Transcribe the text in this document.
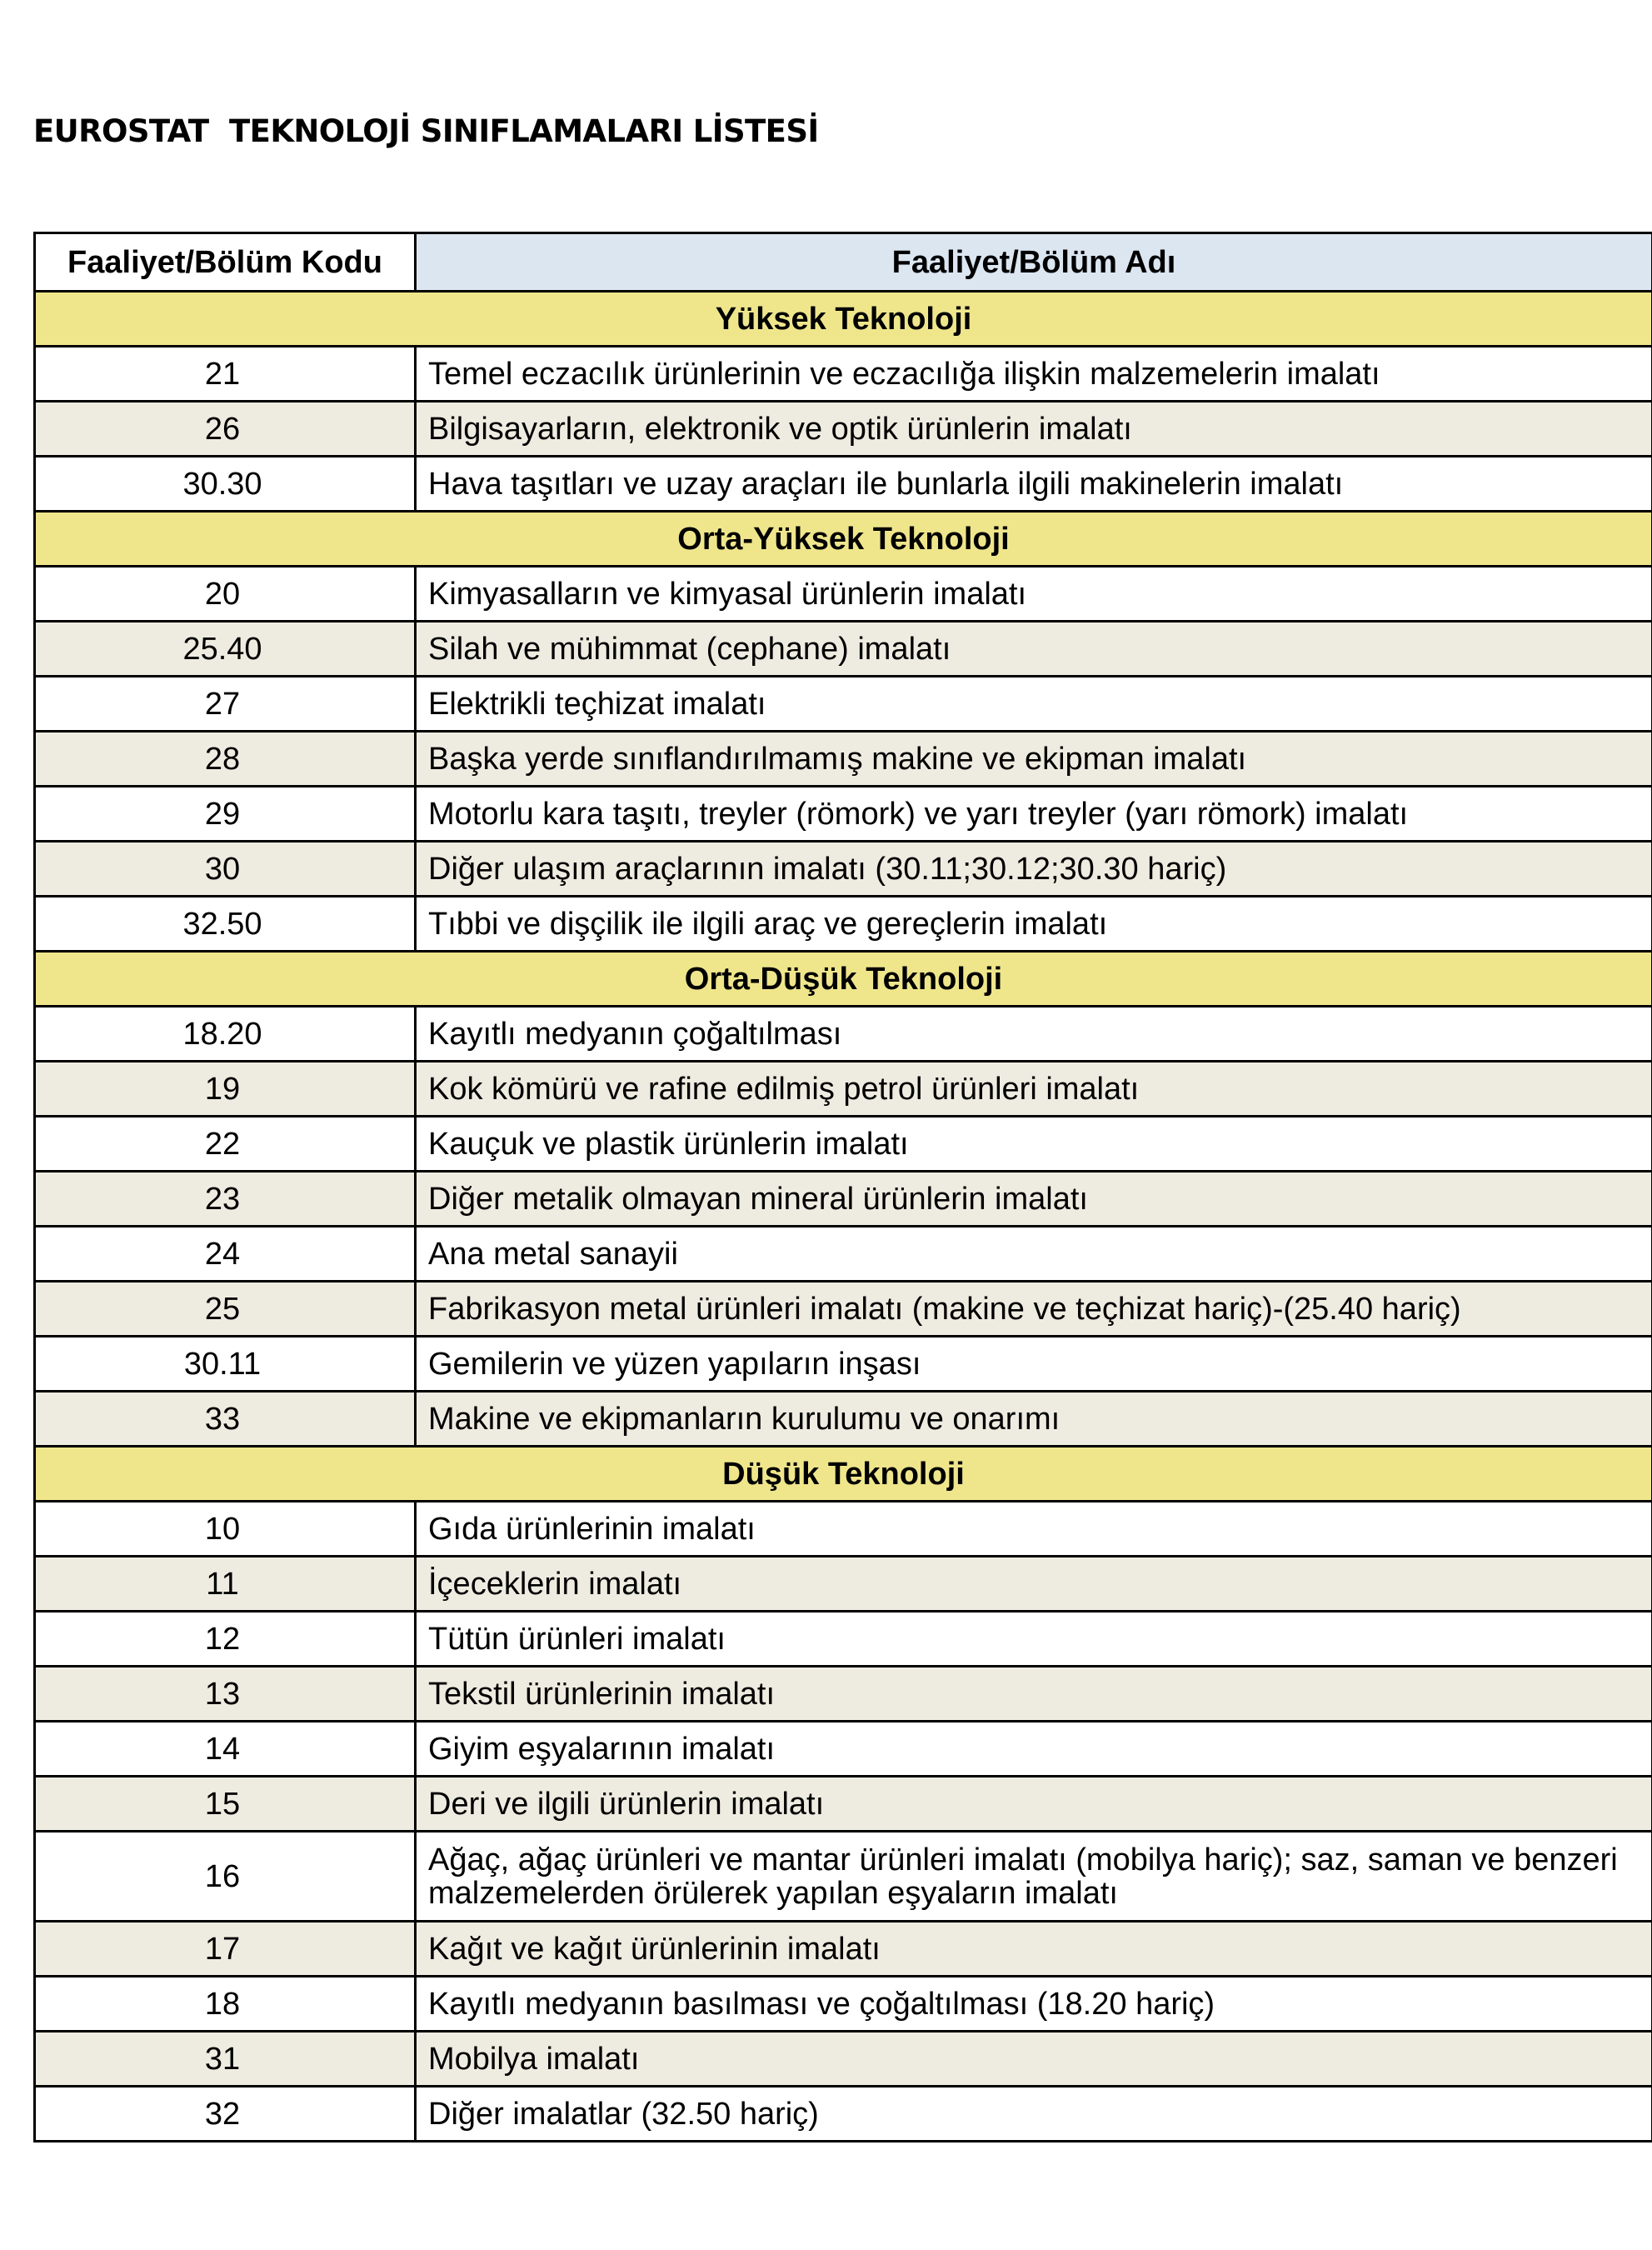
EUROSTAT  TEKNOLOJİ SINIFLAMALARI LİSTESİ
Faaliyet/Bölüm Kodu	Faaliyet/Bölüm Adı
Yüksek Teknoloji	
21	Temel eczacılık ürünlerinin ve eczacılığa ilişkin malzemelerin imalatı
26	Bilgisayarların, elektronik ve optik ürünlerin imalatı
30.30	Hava taşıtları ve uzay araçları ile bunlarla ilgili makinelerin imalatı
Orta-Yüksek Teknoloji	
20	Kimyasalların ve kimyasal ürünlerin imalatı
25.40	Silah ve mühimmat (cephane) imalatı
27	Elektrikli teçhizat imalatı
28	Başka yerde sınıflandırılmamış makine ve ekipman imalatı
29	Motorlu kara taşıtı, treyler (römork) ve yarı treyler (yarı römork) imalatı
30	Diğer ulaşım araçlarının imalatı (30.11;30.12;30.30 hariç)
32.50	Tıbbi ve dişçilik ile ilgili araç ve gereçlerin imalatı
Orta-Düşük Teknoloji	
18.20	Kayıtlı medyanın çoğaltılması
19	Kok kömürü ve rafine edilmiş petrol ürünleri imalatı
22	Kauçuk ve plastik ürünlerin imalatı
23	Diğer metalik olmayan mineral ürünlerin imalatı
24	Ana metal sanayii
25	Fabrikasyon metal ürünleri imalatı (makine ve teçhizat hariç)-(25.40 hariç)
30.11	Gemilerin ve yüzen yapıların inşası
33	Makine ve ekipmanların kurulumu ve onarımı
Düşük Teknoloji	
10	Gıda ürünlerinin imalatı
11	İçeceklerin imalatı
12	Tütün ürünleri imalatı
13	Tekstil ürünlerinin imalatı
14	Giyim eşyalarının imalatı
15	Deri ve ilgili ürünlerin imalatı
16	Ağaç, ağaç ürünleri ve mantar ürünleri imalatı (mobilya hariç); saz, saman ve benzeri malzemelerden örülerek yapılan eşyaların imalatı
17	Kağıt ve kağıt ürünlerinin imalatı
18	Kayıtlı medyanın basılması ve çoğaltılması (18.20 hariç)
31	Mobilya imalatı
32	Diğer imalatlar (32.50 hariç)
